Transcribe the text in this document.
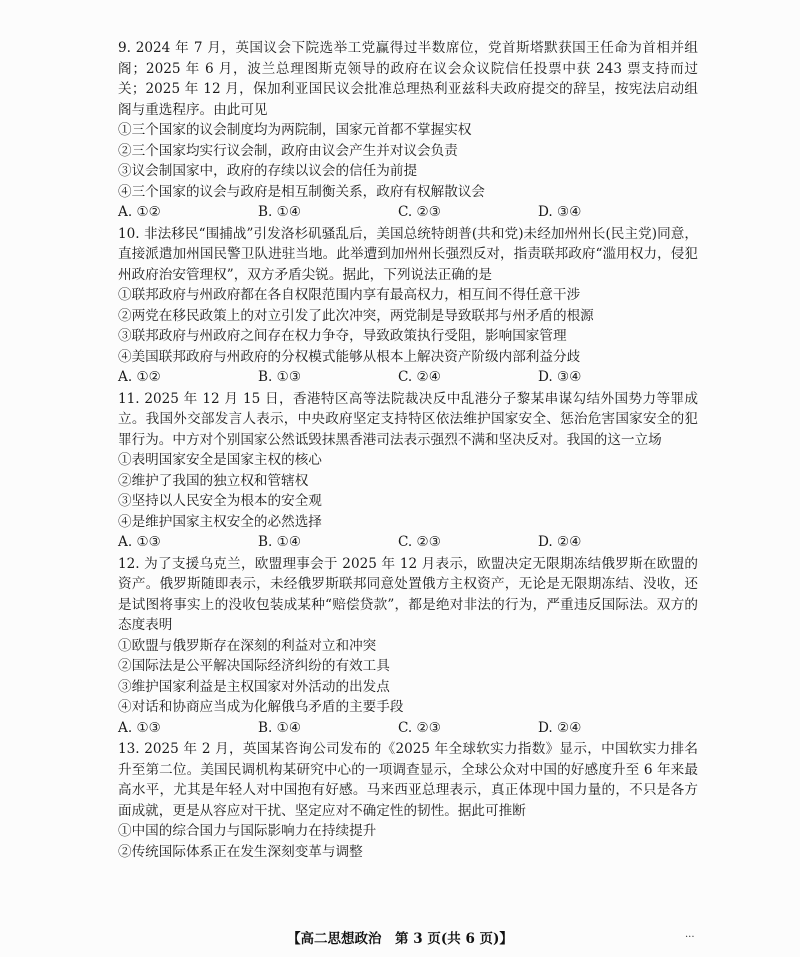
9. 2024 年 7 月，英国议会下院选举工党赢得过半数席位，党首斯塔默获国王任命为首相并组阁；2025 年 6 月，波兰总理图斯克领导的政府在议会众议院信任投票中获 243 票支持而过关；2025 年 12 月，保加利亚国民议会批准总理热利亚兹科夫政府提交的辞呈，按宪法启动组阁与重选程序。由此可见

①三个国家的议会制度均为两院制，国家元首都不掌握实权

②三个国家均实行议会制，政府由议会产生并对议会负责

③议会制国家中，政府的存续以议会的信任为前提

④三个国家的议会与政府是相互制衡关系，政府有权解散议会

A. ①②	B. ①④	C. ②③	D. ③④

10. 非法移民“围捕战”引发洛杉矶骚乱后，美国总统特朗普(共和党)未经加州州长(民主党)同意，直接派遣加州国民警卫队进驻当地。此举遭到加州州长强烈反对，指责联邦政府“滥用权力，侵犯州政府治安管理权”，双方矛盾尖锐。据此，下列说法正确的是

①联邦政府与州政府都在各自权限范围内享有最高权力，相互间不得任意干涉

②两党在移民政策上的对立引发了此次冲突，两党制是导致联邦与州矛盾的根源

③联邦政府与州政府之间存在权力争夺，导致政策执行受阻，影响国家管理

④美国联邦政府与州政府的分权模式能够从根本上解决资产阶级内部利益分歧

A. ①②	B. ①③	C. ②④	D. ③④

11. 2025 年 12 月 15 日，香港特区高等法院裁决反中乱港分子黎某串谋勾结外国势力等罪成立。我国外交部发言人表示，中央政府坚定支持特区依法维护国家安全、惩治危害国家安全的犯罪行为。中方对个别国家公然诋毁抹黑香港司法表示强烈不满和坚决反对。我国的这一立场

①表明国家安全是国家主权的核心

②维护了我国的独立权和管辖权

③坚持以人民安全为根本的安全观

④是维护国家主权安全的必然选择

A. ①③	B. ①④	C. ②③	D. ②④

12. 为了支援乌克兰，欧盟理事会于 2025 年 12 月表示，欧盟决定无限期冻结俄罗斯在欧盟的资产。俄罗斯随即表示，未经俄罗斯联邦同意处置俄方主权资产，无论是无限期冻结、没收，还是试图将事实上的没收包装成某种“赔偿贷款”，都是绝对非法的行为，严重违反国际法。双方的态度表明

①欧盟与俄罗斯存在深刻的利益对立和冲突

②国际法是公平解决国际经济纠纷的有效工具

③维护国家利益是主权国家对外活动的出发点

④对话和协商应当成为化解俄乌矛盾的主要手段

A. ①③	B. ①④	C. ②③	D. ②④

13. 2025 年 2 月，英国某咨询公司发布的《2025 年全球软实力指数》显示，中国软实力排名升至第二位。美国民调机构某研究中心的一项调查显示，全球公众对中国的好感度升至 6 年来最高水平，尤其是年轻人对中国抱有好感。马来西亚总理表示，真正体现中国力量的，不只是各方面成就，更是从容应对干扰、坚定应对不确定性的韧性。据此可推断

①中国的综合国力与国际影响力在持续提升

②传统国际体系正在发生深刻变革与调整

【高二思想政治　第 3 页(共 6 页)】	...
